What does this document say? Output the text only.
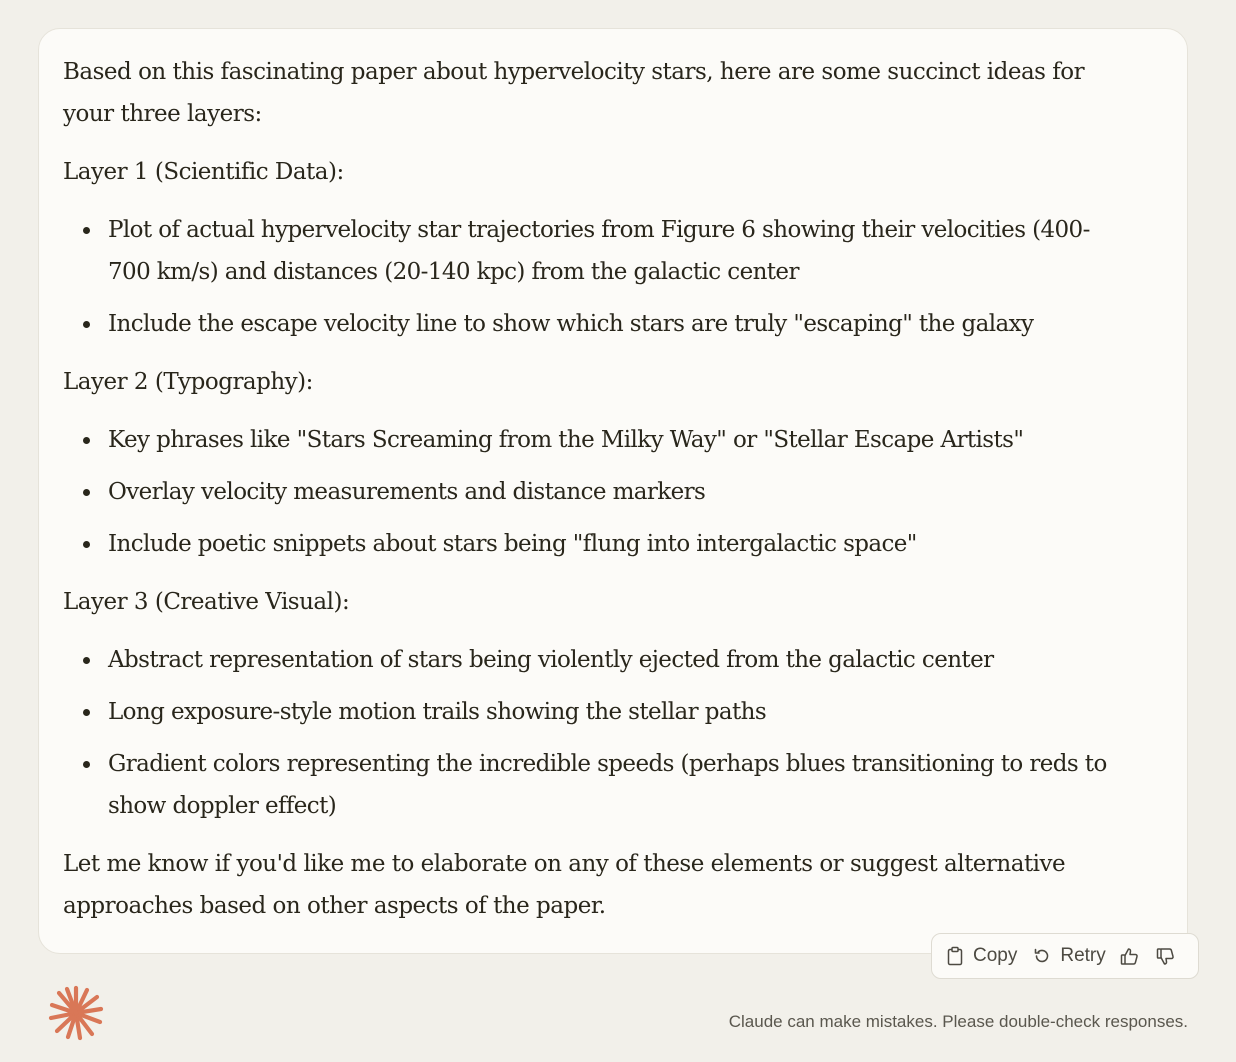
Based on this fascinating paper about hypervelocity stars, here are some succinct ideas for your three layers:

Layer 1 (Scientific Data):

Plot of actual hypervelocity star trajectories from Figure 6 showing their velocities (400-700 km/s) and distances (20-140 kpc) from the galactic center
Include the escape velocity line to show which stars are truly "escaping" the galaxy

Layer 2 (Typography):

Key phrases like "Stars Screaming from the Milky Way" or "Stellar Escape Artists"
Overlay velocity measurements and distance markers
Include poetic snippets about stars being "flung into intergalactic space"

Layer 3 (Creative Visual):

Abstract representation of stars being violently ejected from the galactic center
Long exposure-style motion trails showing the stellar paths
Gradient colors representing the incredible speeds (perhaps blues transitioning to reds to show doppler effect)

Let me know if you'd like me to elaborate on any of these elements or suggest alternative approaches based on other aspects of the paper.

Copy Retry
Claude can make mistakes. Please double-check responses.
